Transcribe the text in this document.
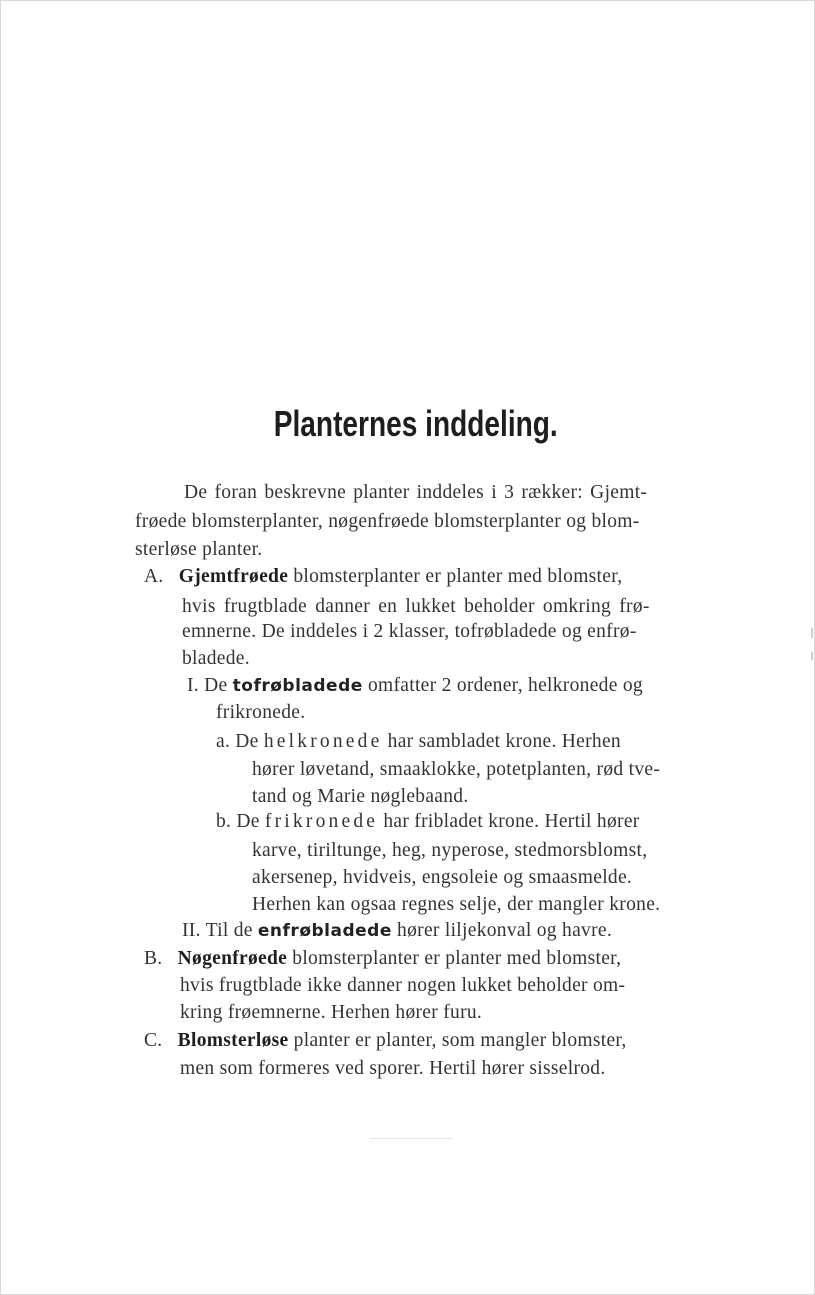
Planternes inddeling.
De foran beskrevne planter inddeles i 3 rækker: Gjemt-
frøede blomsterplanter, nøgenfrøede blomsterplanter og blom-
sterløse planter.
A. Gjemtfrøede blomsterplanter er planter med blomster,
hvis frugtblade danner en lukket beholder omkring frø-
emnerne. De inddeles i 2 klasser, tofrøbladede og enfrø-
bladede.
I. De tofrøbladede omfatter 2 ordener, helkronede og
frikronede.
a. De helkronede har sambladet krone. Herhen
hører løvetand, smaaklokke, potetplanten, rød tve-
tand og Marie nøglebaand.
b. De frikronede har fribladet krone. Hertil hører
karve, tiriltunge, heg, nyperose, stedmorsblomst,
akersenep, hvidveis, engsoleie og smaasmelde.
Herhen kan ogsaa regnes selje, der mangler krone.
II. Til de enfrøbladede hører liljekonval og havre.
B. Nøgenfrøede blomsterplanter er planter med blomster,
hvis frugtblade ikke danner nogen lukket beholder om-
kring frøemnerne. Herhen hører furu.
C. Blomsterløse planter er planter, som mangler blomster,
men som formeres ved sporer. Hertil hører sisselrod.
